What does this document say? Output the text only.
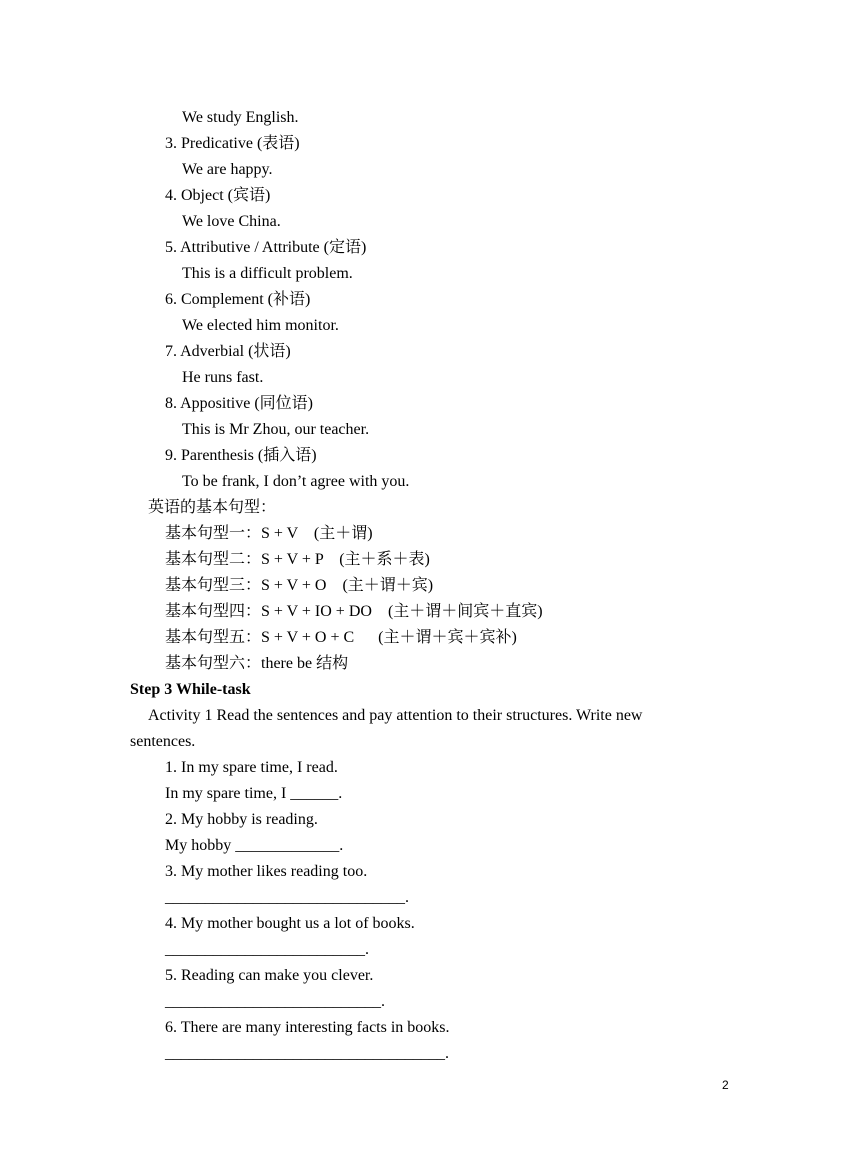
We study English.
3. Predicative (表语)
We are happy.
4. Object (宾语)
We love China.
5. Attributive / Attribute (定语)
This is a difficult problem.
6. Complement (补语)
We elected him monitor.
7. Adverbial (状语)
He runs fast.
8. Appositive (同位语)
This is Mr Zhou, our teacher.
9. Parenthesis (插入语)
To be frank, I don’t agree with you.
英语的基本句型：
基本句型一：S + V    (主＋谓)
基本句型二：S + V + P    (主＋系＋表)
基本句型三：S + V + O    (主＋谓＋宾)
基本句型四：S + V + IO + DO    (主＋谓＋间宾＋直宾)
基本句型五：S + V + O + C      (主＋谓＋宾＋宾补)
基本句型六：there be 结构
Step 3 While-task
Activity 1 Read the sentences and pay attention to their structures. Write new
sentences.
1. In my spare time, I read.
In my spare time, I ______.
2. My hobby is reading.
My hobby _____________.
3. My mother likes reading too.
______________________________.
4. My mother bought us a lot of books.
_________________________.
5. Reading can make you clever.
___________________________.
6. There are many interesting facts in books.
___________________________________.
2
